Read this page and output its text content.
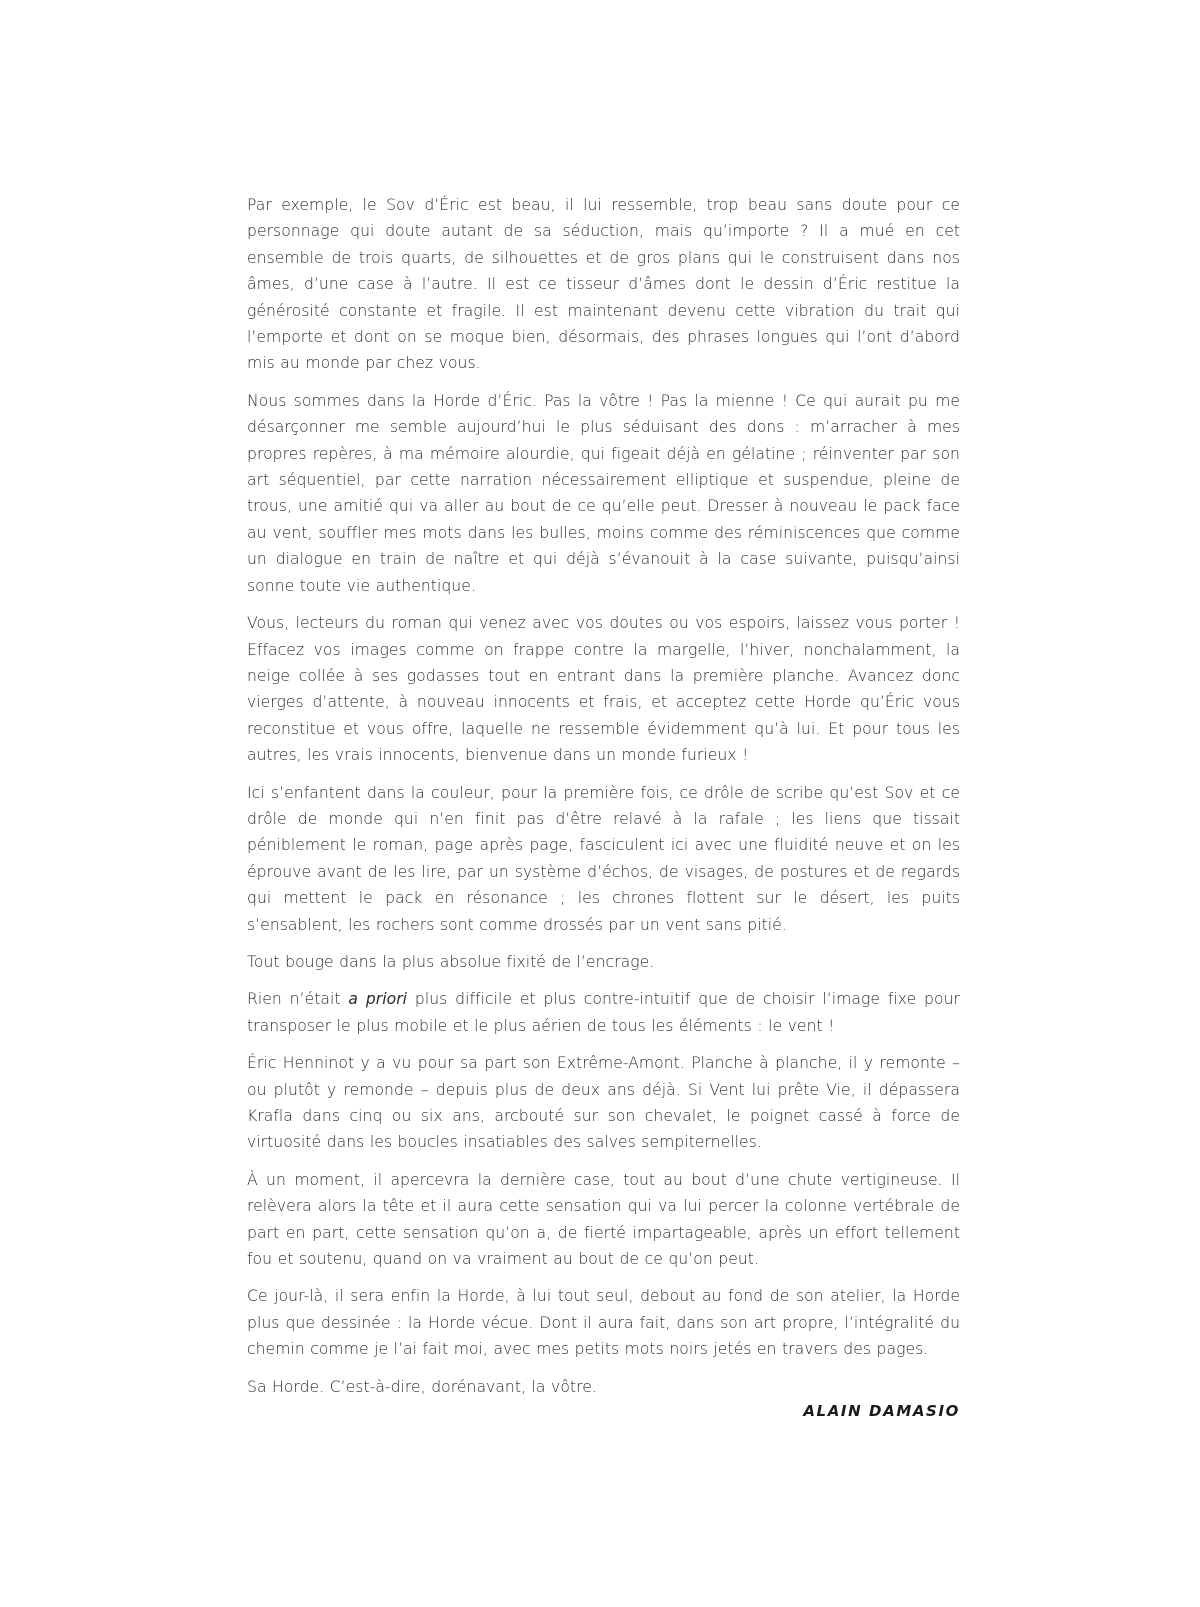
Par exemple, le Sov d’Éric est beau, il lui ressemble, trop beau sans doute pour ce personnage qui doute autant de sa séduction, mais qu’importe ? Il a mué en cet ensemble de trois quarts, de silhouettes et de gros plans qui le construisent dans nos âmes, d’une case à l’autre. Il est ce tisseur d’âmes dont le dessin d’Éric restitue la générosité constante et fragile. Il est maintenant devenu cette vibration du trait qui l’emporte et dont on se moque bien, désormais, des phrases longues qui l’ont d’abord mis au monde par chez vous.

Nous sommes dans la Horde d’Éric. Pas la vôtre ! Pas la mienne ! Ce qui aurait pu me désarçonner me semble aujourd’hui le plus séduisant des dons : m’arracher à mes propres repères, à ma mémoire alourdie, qui figeait déjà en gélatine ; réinventer par son art séquentiel, par cette narration nécessairement elliptique et suspendue, pleine de trous, une amitié qui va aller au bout de ce qu’elle peut. Dresser à nouveau le pack face au vent, souffler mes mots dans les bulles, moins comme des réminiscences que comme un dialogue en train de naître et qui déjà s’évanouit à la case suivante, puisqu’ainsi sonne toute vie authentique.

Vous, lecteurs du roman qui venez avec vos doutes ou vos espoirs, laissez vous porter ! Effacez vos images comme on frappe contre la margelle, l’hiver, nonchalamment, la neige collée à ses godasses tout en entrant dans la première planche. Avancez donc vierges d’attente, à nouveau innocents et frais, et acceptez cette Horde qu’Éric vous reconstitue et vous offre, laquelle ne ressemble évidemment qu’à lui. Et pour tous les autres, les vrais innocents, bienvenue dans un monde furieux !

Ici s’enfantent dans la couleur, pour la première fois, ce drôle de scribe qu’est Sov et ce drôle de monde qui n’en finit pas d’être relavé à la rafale ; les liens que tissait péniblement le roman, page après page, fasciculent ici avec une fluidité neuve et on les éprouve avant de les lire, par un système d’échos, de visages, de postures et de regards qui mettent le pack en résonance ; les chrones flottent sur le désert, les puits s’ensablent, les rochers sont comme drossés par un vent sans pitié.

Tout bouge dans la plus absolue fixité de l’encrage.

Rien n’était a priori plus difficile et plus contre-intuitif que de choisir l’image fixe pour transposer le plus mobile et le plus aérien de tous les éléments : le vent !

Éric Henninot y a vu pour sa part son Extrême-Amont. Planche à planche, il y remonte – ou plutôt y remonde – depuis plus de deux ans déjà. Si Vent lui prête Vie, il dépassera Krafla dans cinq ou six ans, arcbouté sur son chevalet, le poignet cassé à force de virtuosité dans les boucles insatiables des salves sempiternelles.

À un moment, il apercevra la dernière case, tout au bout d’une chute vertigineuse. Il relèvera alors la tête et il aura cette sensation qui va lui percer la colonne vertébrale de part en part, cette sensation qu’on a, de fierté impartageable, après un effort tellement fou et soutenu, quand on va vraiment au bout de ce qu’on peut.

Ce jour-là, il sera enfin la Horde, à lui tout seul, debout au fond de son atelier, la Horde plus que dessinée : la Horde vécue. Dont il aura fait, dans son art propre, l’intégralité du chemin comme je l’ai fait moi, avec mes petits mots noirs jetés en travers des pages.

Sa Horde. C’est-à-dire, dorénavant, la vôtre.

ALAIN DAMASIO
